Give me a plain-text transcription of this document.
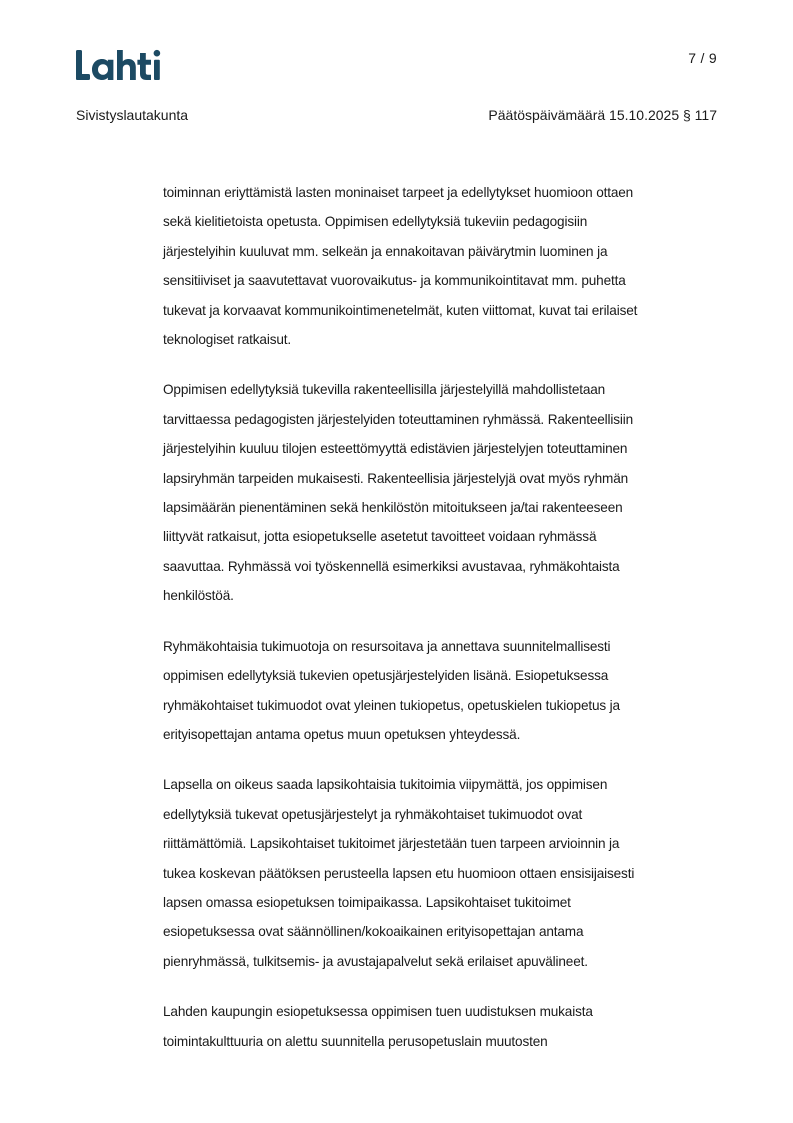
7 / 9
Sivistyslautakunta	Päätöspäivämäärä 15.10.2025 § 117

toiminnan eriyttämistä lasten moninaiset tarpeet ja edellytykset huomioon ottaen
sekä kielitietoista opetusta. Oppimisen edellytyksiä tukeviin pedagogisiin
järjestelyihin kuuluvat mm. selkeän ja ennakoitavan päivärytmin luominen ja
sensitiiviset ja saavutettavat vuorovaikutus- ja kommunikointitavat mm. puhetta
tukevat ja korvaavat kommunikointimenetelmät, kuten viittomat, kuvat tai erilaiset
teknologiset ratkaisut.

Oppimisen edellytyksiä tukevilla rakenteellisilla järjestelyillä mahdollistetaan
tarvittaessa pedagogisten järjestelyiden toteuttaminen ryhmässä. Rakenteellisiin
järjestelyihin kuuluu tilojen esteettömyyttä edistävien järjestelyjen toteuttaminen
lapsiryhmän tarpeiden mukaisesti. Rakenteellisia järjestelyjä ovat myös ryhmän
lapsimäärän pienentäminen sekä henkilöstön mitoitukseen ja/tai rakenteeseen
liittyvät ratkaisut, jotta esiopetukselle asetetut tavoitteet voidaan ryhmässä
saavuttaa. Ryhmässä voi työskennellä esimerkiksi avustavaa, ryhmäkohtaista
henkilöstöä.

Ryhmäkohtaisia tukimuotoja on resursoitava ja annettava suunnitelmallisesti
oppimisen edellytyksiä tukevien opetusjärjestelyiden lisänä. Esiopetuksessa
ryhmäkohtaiset tukimuodot ovat yleinen tukiopetus, opetuskielen tukiopetus ja
erityisopettajan antama opetus muun opetuksen yhteydessä.

Lapsella on oikeus saada lapsikohtaisia tukitoimia viipymättä, jos oppimisen
edellytyksiä tukevat opetusjärjestelyt ja ryhmäkohtaiset tukimuodot ovat
riittämättömiä. Lapsikohtaiset tukitoimet järjestetään tuen tarpeen arvioinnin ja
tukea koskevan päätöksen perusteella lapsen etu huomioon ottaen ensisijaisesti
lapsen omassa esiopetuksen toimipaikassa. Lapsikohtaiset tukitoimet
esiopetuksessa ovat säännöllinen/kokoaikainen erityisopettajan antama
pienryhmässä, tulkitsemis- ja avustajapalvelut sekä erilaiset apuvälineet.

Lahden kaupungin esiopetuksessa oppimisen tuen uudistuksen mukaista
toimintakulttuuria on alettu suunnitella perusopetuslain muutosten
